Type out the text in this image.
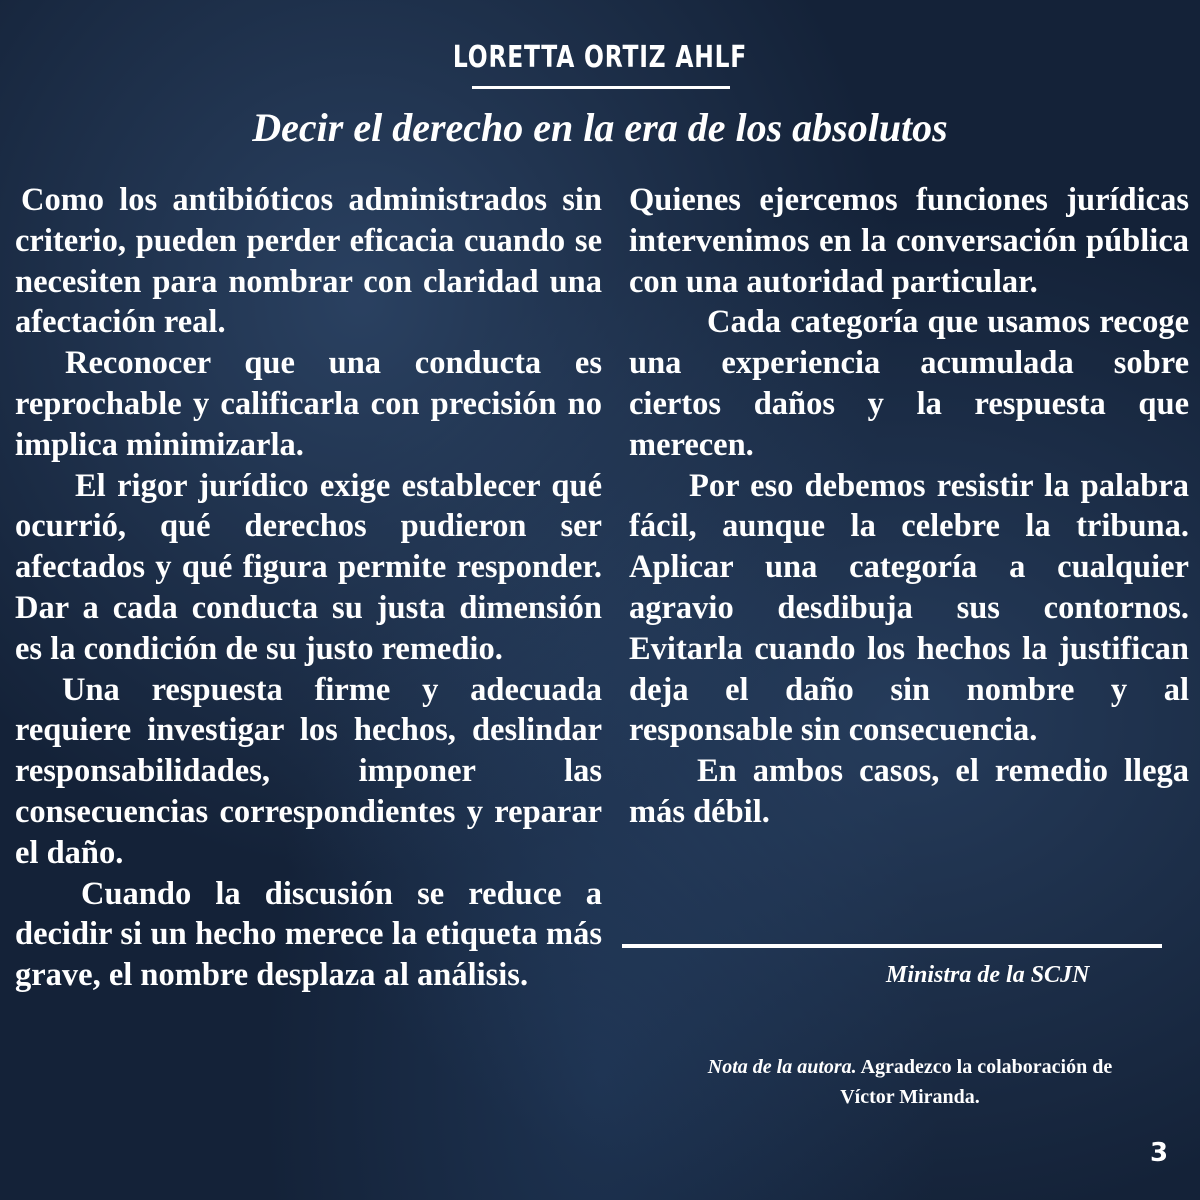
LORETTA ORTIZ AHLF
Decir el derecho en la era de los absolutos

Como los antibióticos administrados sin criterio, pueden perder eficacia cuando se necesiten para nombrar con claridad una afectación real.

Reconocer que una conducta es reprochable y calificarla con precisión no implica minimizarla.

El rigor jurídico exige establecer qué ocurrió, qué derechos pudieron ser afectados y qué figura permite responder. Dar a cada conducta su justa dimensión es la condición de su justo remedio.

Una respuesta firme y adecuada requiere investigar los hechos, deslindar responsabilidades, imponer las consecuencias correspondientes y reparar el daño.

Cuando la discusión se reduce a decidir si un hecho merece la etiqueta más grave, el nombre desplaza al análisis.

Quienes ejercemos funciones jurídicas intervenimos en la conversación pública con una autoridad particular.

Cada categoría que usamos recoge una experiencia acumulada sobre ciertos daños y la respuesta que merecen.

Por eso debemos resistir la palabra fácil, aunque la celebre la tribuna. Aplicar una categoría a cualquier agravio desdibuja sus contornos. Evitarla cuando los hechos la justifican deja el daño sin nombre y al responsable sin consecuencia.

En ambos casos, el remedio llega más débil.

Ministra de la SCJN
Nota de la autora. Agradezco la colaboración de Víctor Miranda.
3
